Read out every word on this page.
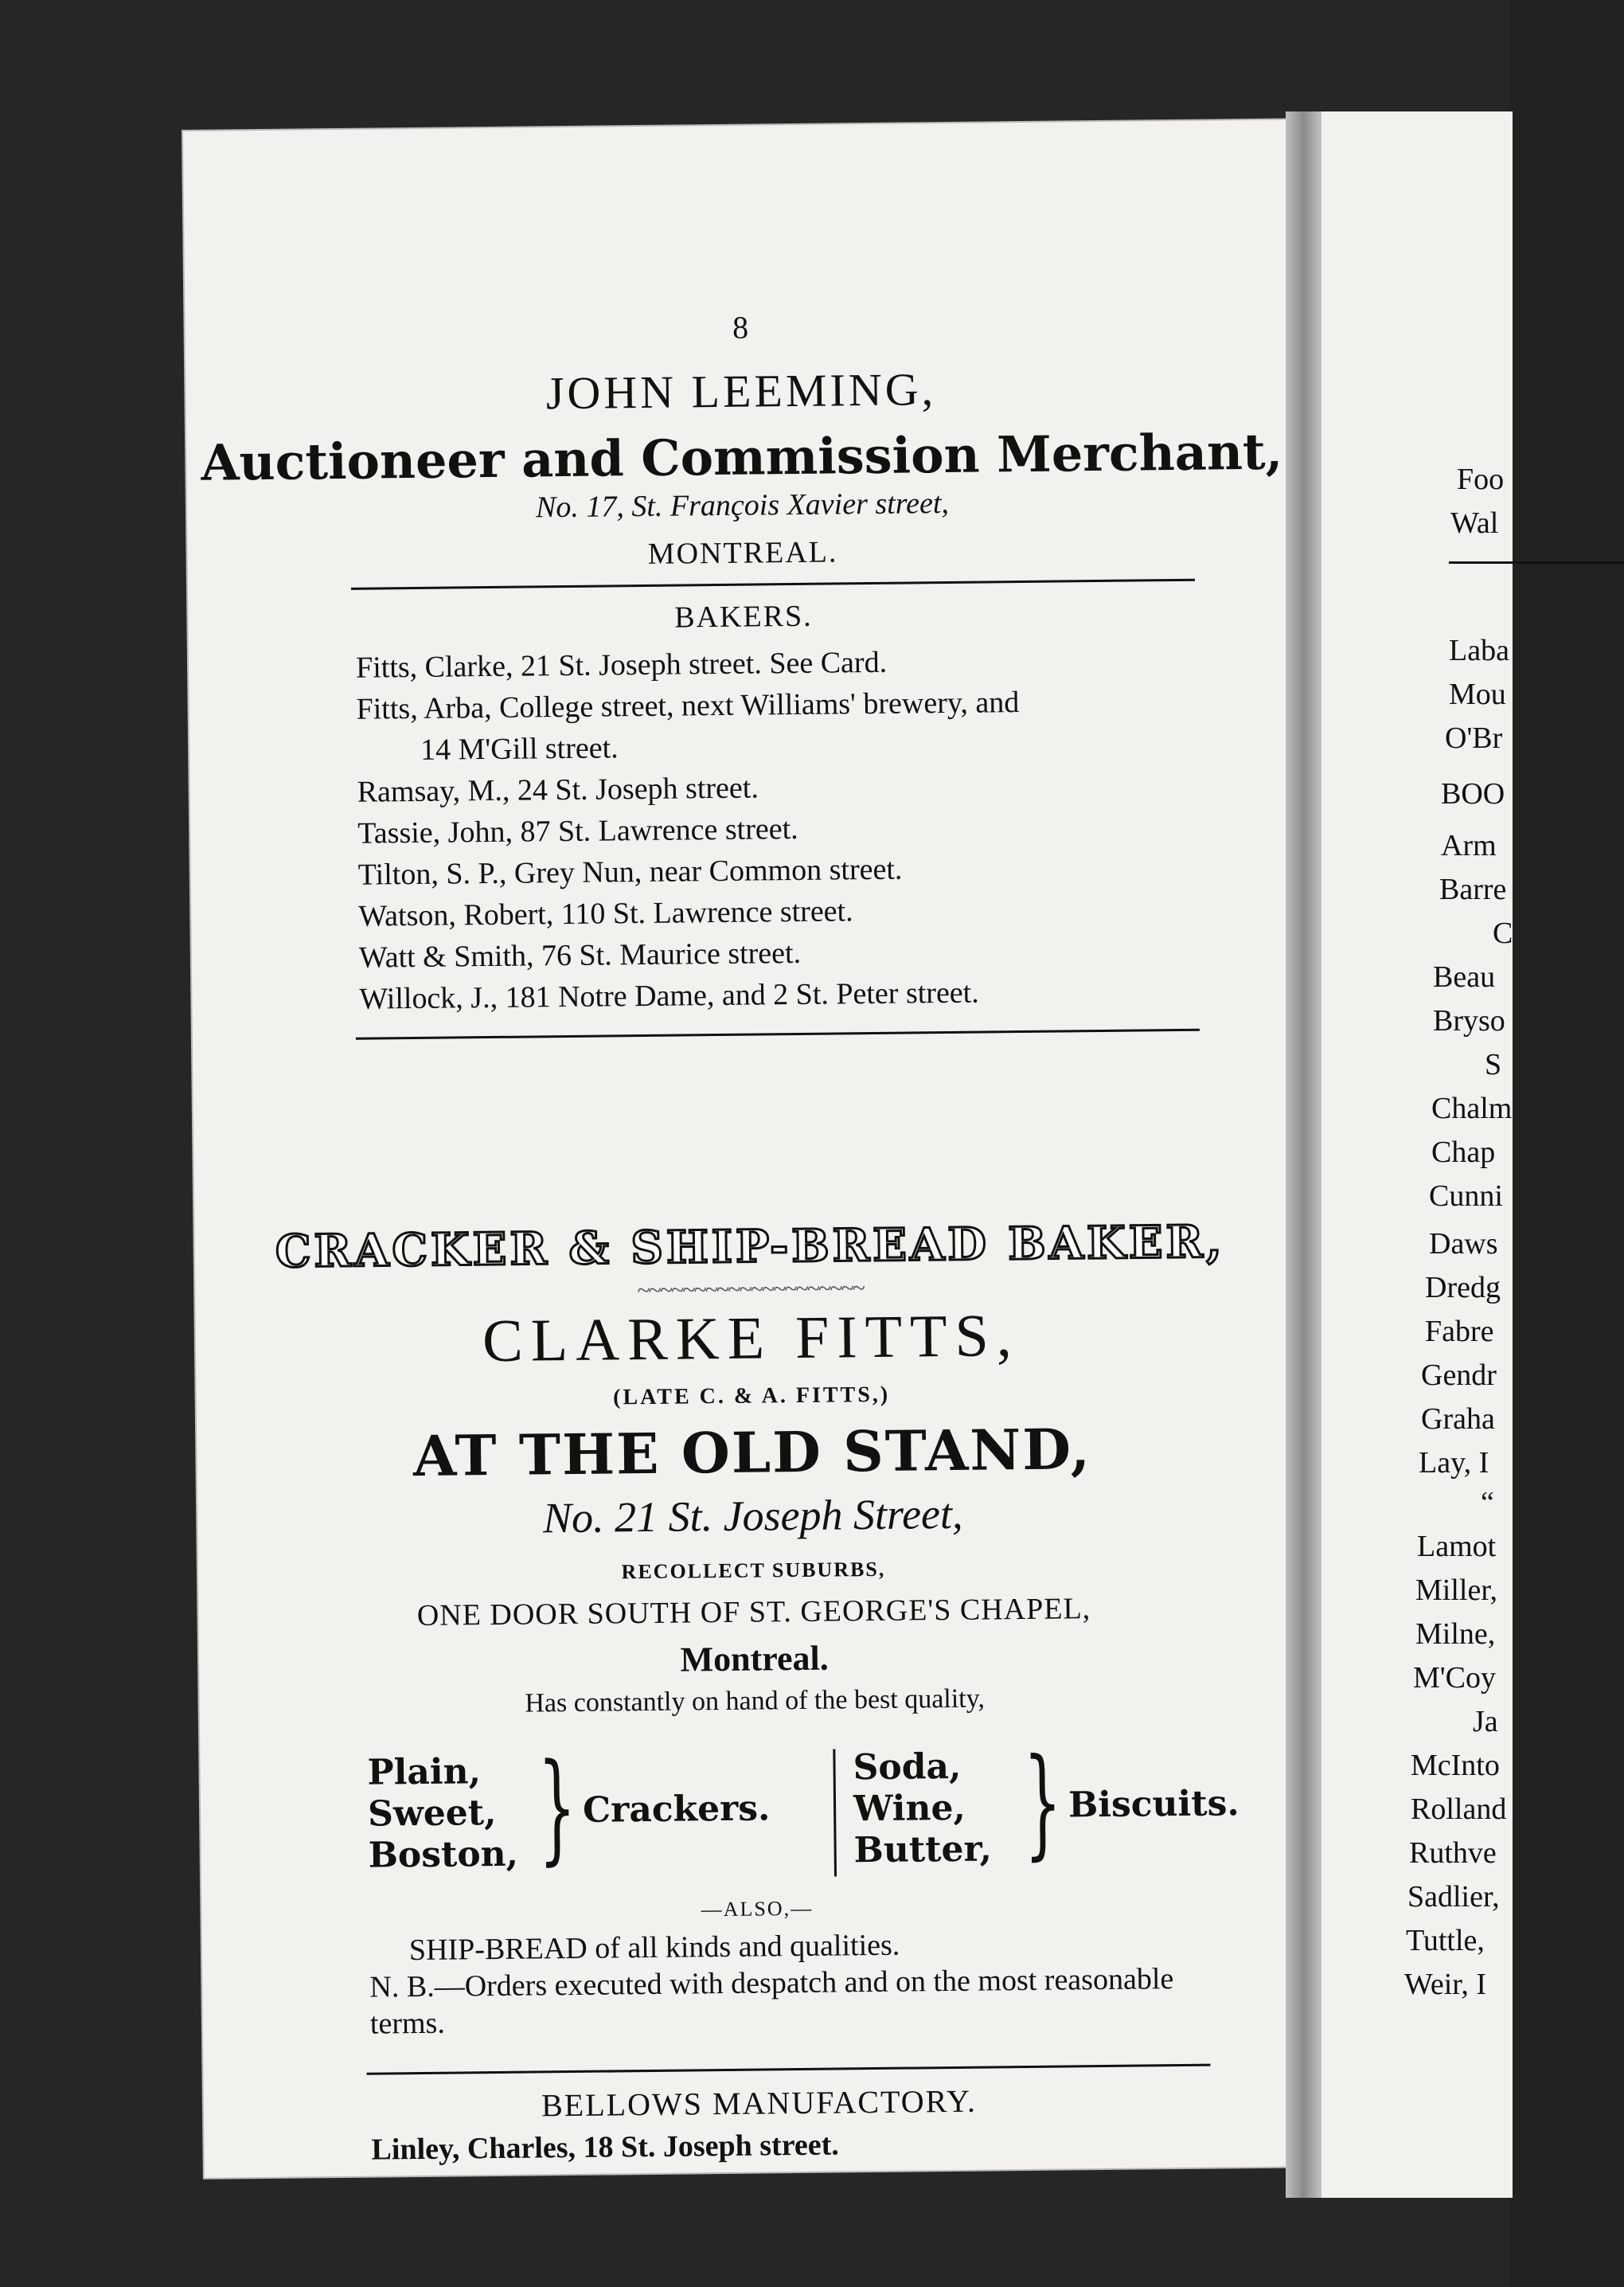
8
JOHN LEEMING,
Auctioneer and Commission Merchant,
No. 17, St. François Xavier street,
MONTREAL.
BAKERS.
Fitts, Clarke, 21 St. Joseph street. See Card.
Fitts, Arba, College street, next Williams' brewery, and
14 M'Gill street.
Ramsay, M., 24 St. Joseph street.
Tassie, John, 87 St. Lawrence street.
Tilton, S. P., Grey Nun, near Common street.
Watson, Robert, 110 St. Lawrence street.
Watt & Smith, 76 St. Maurice street.
Willock, J., 181 Notre Dame, and 2 St. Peter street.
CRACKER & SHIP-BREAD BAKER,
~~~~~~~~~~~~~~~~~~~~
CLARKE FITTS,
(LATE C. & A. FITTS,)
AT THE OLD STAND,
No. 21 St. Joseph Street,
RECOLLECT SUBURBS,
ONE DOOR SOUTH OF ST. GEORGE'S CHAPEL,
Montreal.
Has constantly on hand of the best quality,
Plain,
Sweet,
Boston, } Crackers.
Soda,
Wine,
Butter, } Biscuits.
—ALSO,—
SHIP-BREAD of all kinds and qualities.
N. B.—Orders executed with despatch and on the most reasonable terms.
BELLOWS MANUFACTORY.
Linley, Charles, 18 St. Joseph street.
Foo
Wal
Laba
Mou
O'Br
BOO
Arm
Barre
C
Beau
Bryso
S
Chalm
Chap
Cunni
Daws
Dredg
Fabre
Gendr
Graha
Lay, I
“
Lamot
Miller,
Milne,
M'Coy
Ja
McInto
Rolland
Ruthve
Sadlier,
Tuttle,
Weir, I
